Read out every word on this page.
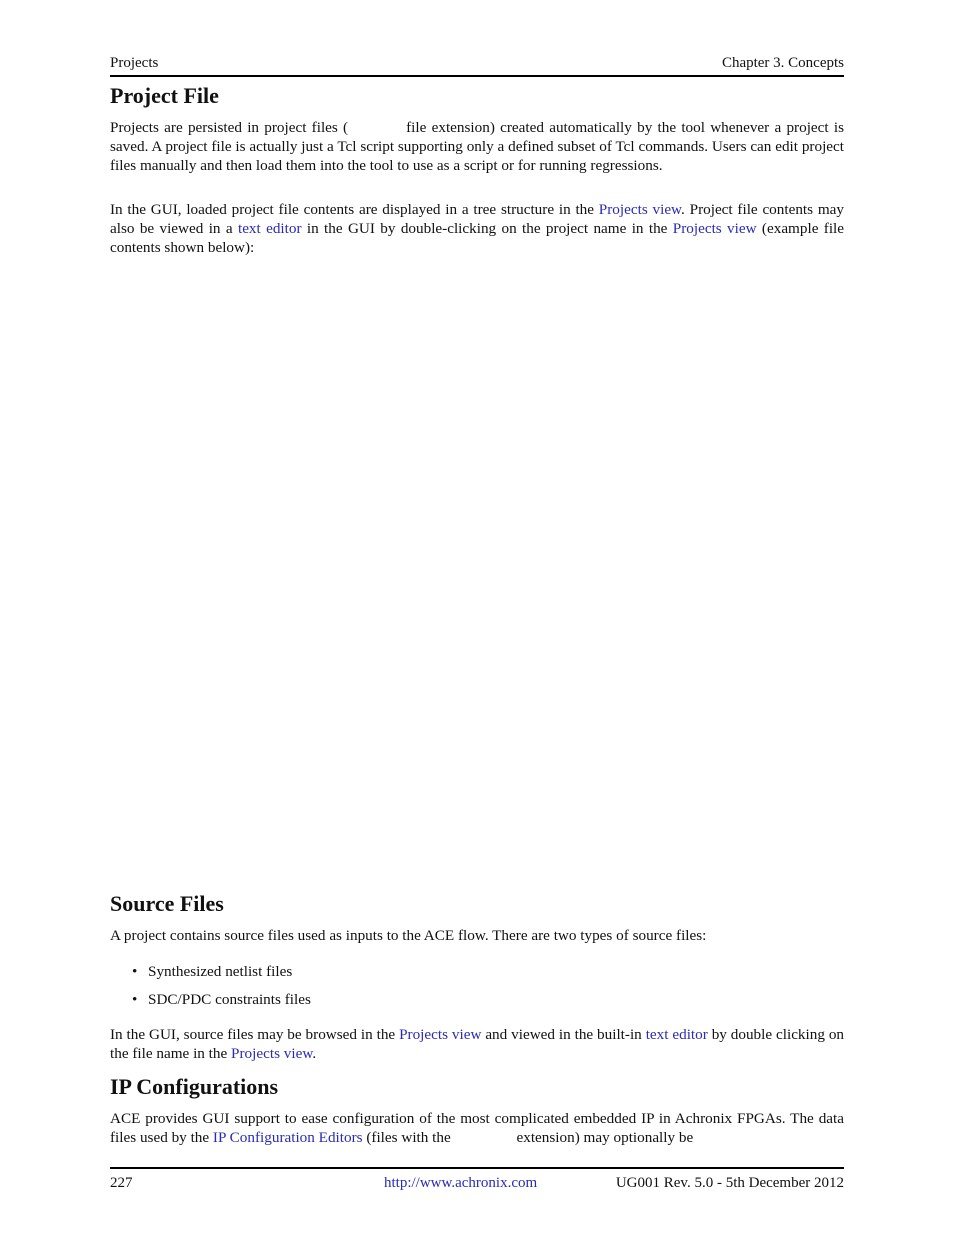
Projects	Chapter 3. Concepts
Project File

Projects are persisted in project files (	file extension) created automatically by the tool whenever a project is saved. A project file is actually just a Tcl script supporting only a defined subset of Tcl commands. Users can edit project files manually and then load them into the tool to use as a script or for running regressions.

In the GUI, loaded project file contents are displayed in a tree structure in the Projects view. Project file contents may also be viewed in a text editor in the GUI by double-clicking on the project name in the Projects view (example file contents shown below):

Source Files

A project contains source files used as inputs to the ACE flow. There are two types of source files:

• Synthesized netlist files
• SDC/PDC constraints files

In the GUI, source files may be browsed in the Projects view and viewed in the built-in text editor by double clicking on the file name in the Projects view.

IP Configurations

ACE provides GUI support to ease configuration of the most complicated embedded IP in Achronix FPGAs. The data files used by the IP Configuration Editors (files with the	extension) may optionally be

227	http://www.achronix.com	UG001 Rev. 5.0 - 5th December 2012
